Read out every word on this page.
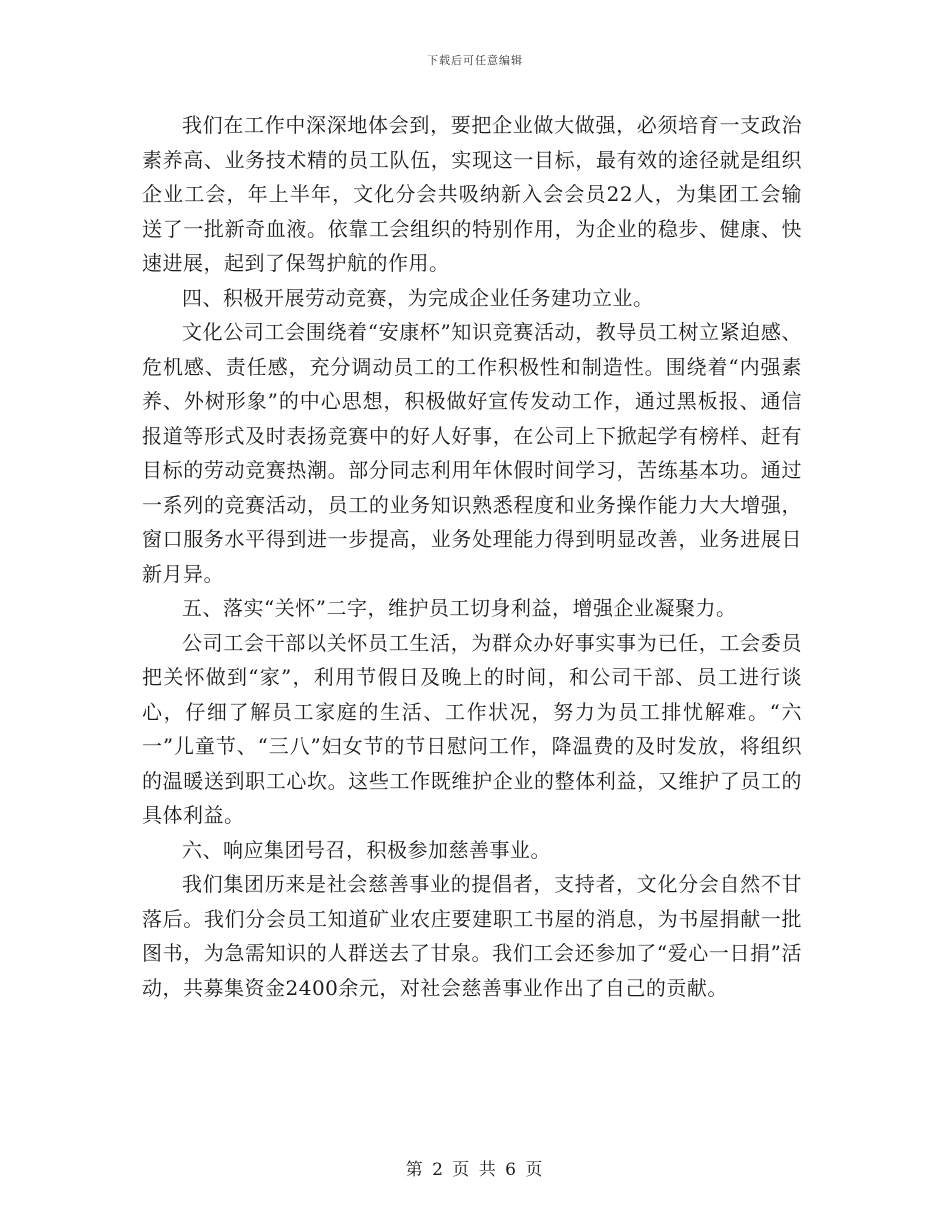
下载后可任意编辑

我们在工作中深深地体会到，要把企业做大做强，必须培育一支政治素养高、业务技术精的员工队伍，实现这一目标，最有效的途径就是组织企业工会，年上半年，文化分会共吸纳新入会会员22人，为集团工会输送了一批新奇血液。依靠工会组织的特别作用，为企业的稳步、健康、快速进展，起到了保驾护航的作用。

四、积极开展劳动竞赛，为完成企业任务建功立业。

文化公司工会围绕着“安康杯”知识竞赛活动，教导员工树立紧迫感、危机感、责任感，充分调动员工的工作积极性和制造性。围绕着“内强素养、外树形象”的中心思想，积极做好宣传发动工作，通过黑板报、通信报道等形式及时表扬竞赛中的好人好事，在公司上下掀起学有榜样、赶有目标的劳动竞赛热潮。部分同志利用年休假时间学习，苦练基本功。通过一系列的竞赛活动，员工的业务知识熟悉程度和业务操作能力大大增强，窗口服务水平得到进一步提高，业务处理能力得到明显改善，业务进展日新月异。

五、落实“关怀”二字，维护员工切身利益，增强企业凝聚力。

公司工会干部以关怀员工生活，为群众办好事实事为已任，工会委员把关怀做到“家”，利用节假日及晚上的时间，和公司干部、员工进行谈心，仔细了解员工家庭的生活、工作状况，努力为员工排忧解难。“六一”儿童节、“三八”妇女节的节日慰问工作，降温费的及时发放，将组织的温暖送到职工心坎。这些工作既维护企业的整体利益，又维护了员工的具体利益。

六、响应集团号召，积极参加慈善事业。

我们集团历来是社会慈善事业的提倡者，支持者，文化分会自然不甘落后。我们分会员工知道矿业农庄要建职工书屋的消息，为书屋捐献一批图书，为急需知识的人群送去了甘泉。我们工会还参加了“爱心一日捐”活动，共募集资金2400余元，对社会慈善事业作出了自己的贡献。

第 2 页 共 6 页
